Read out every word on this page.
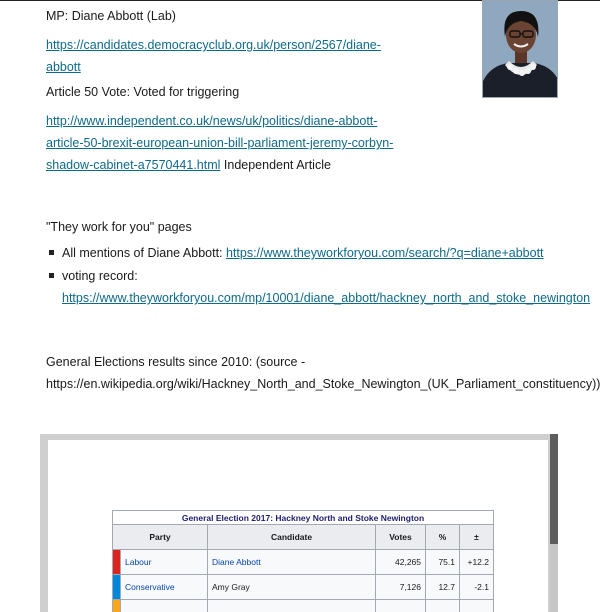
MP: Diane Abbott (Lab)
https://candidates.democracyclub.org.uk/person/2567/diane-
abbott
Article 50 Vote: Voted for triggering
http://www.independent.co.uk/news/uk/politics/diane-abbott-
article-50-brexit-european-union-bill-parliament-jeremy-corbyn-
shadow-cabinet-a7570441.html Independent Article
"They work for you" pages
All mentions of Diane Abbott: https://www.theyworkforyou.com/search/?q=diane+abbott
voting record:
https://www.theyworkforyou.com/mp/10001/diane_abbott/hackney_north_and_stoke_newington
General Elections results since 2010: (source -
https://en.wikipedia.org/wiki/Hackney_North_and_Stoke_Newington_(UK_Parliament_constituency))
General Election 2017: Hackney North and Stoke Newington					
Party		Candidate	Votes	%	±
	Labour	Diane Abbott	42,265	75.1	+12.2
	Conservative	Amy Gray	7,126	12.7	-2.1
